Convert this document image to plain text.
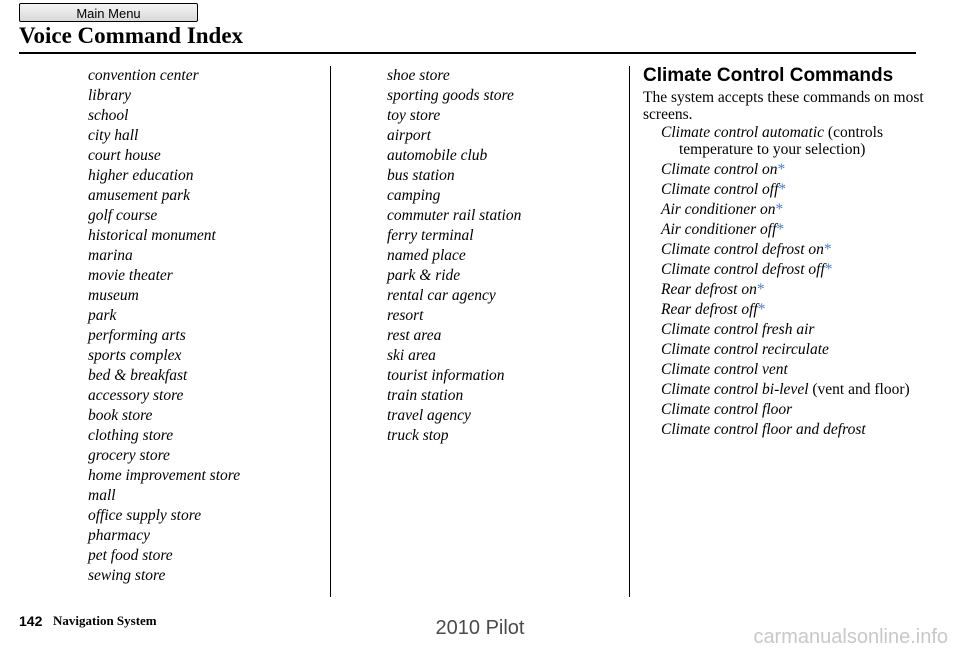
Main Menu
Voice Command Index
convention center
library
school
city hall
court house
higher education
amusement park
golf course
historical monument
marina
movie theater
museum
park
performing arts
sports complex
bed & breakfast
accessory store
book store
clothing store
grocery store
home improvement store
mall
office supply store
pharmacy
pet food store
sewing store
shoe store
sporting goods store
toy store
airport
automobile club
bus station
camping
commuter rail station
ferry terminal
named place
park & ride
rental car agency
resort
rest area
ski area
tourist information
train station
travel agency
truck stop
Climate Control Commands

The system accepts these commands on most screens.

Climate control automatic (controls temperature to your selection)
Climate control on*
Climate control off*
Air conditioner on*
Air conditioner off*
Climate control defrost on*
Climate control defrost off*
Rear defrost on*
Rear defrost off*
Climate control fresh air
Climate control recirculate
Climate control vent
Climate control bi-level (vent and floor)
Climate control floor
Climate control floor and defrost
142 Navigation System	2010 Pilot	carmanualsonline.info
